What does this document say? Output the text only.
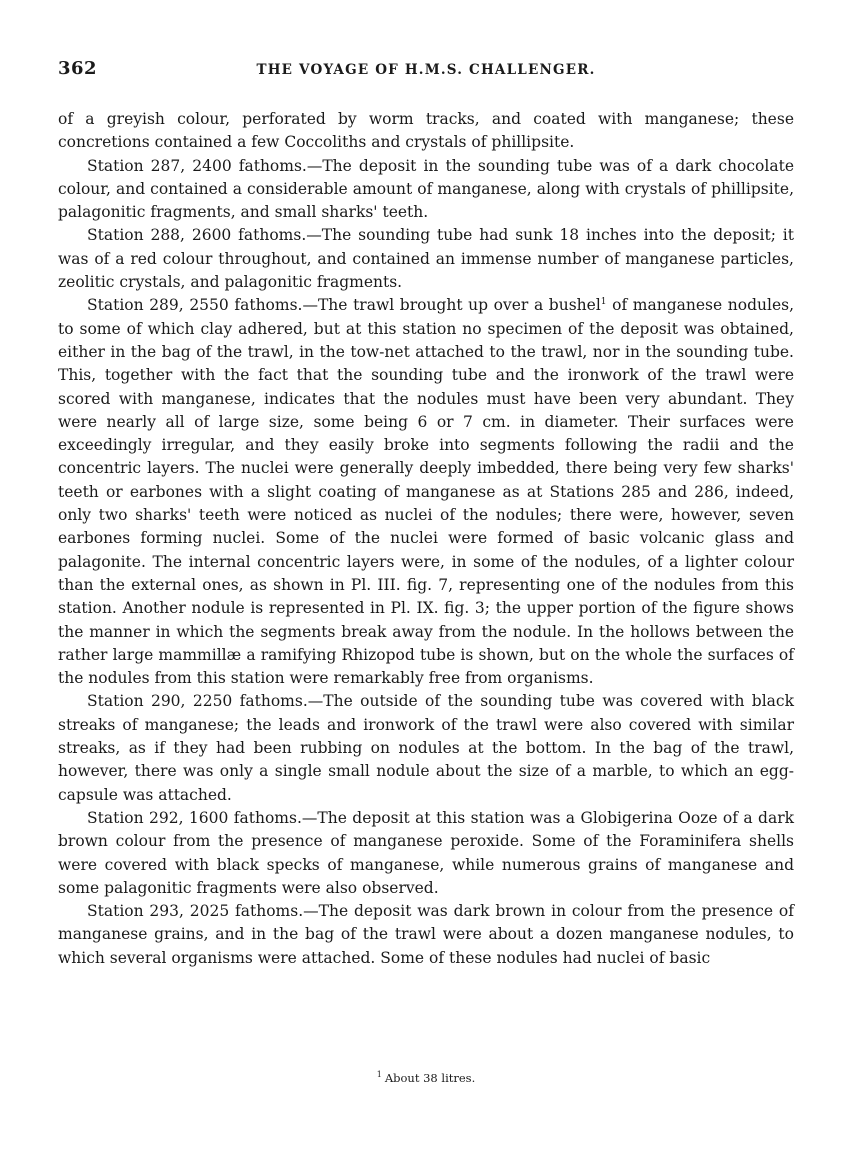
362	THE VOYAGE OF H.M.S. CHALLENGER.

of a greyish colour, perforated by worm tracks, and coated with manganese; these concretions contained a few Coccoliths and crystals of phillipsite.

Station 287, 2400 fathoms.—The deposit in the sounding tube was of a dark chocolate colour, and contained a considerable amount of manganese, along with crystals of phillipsite, palagonitic fragments, and small sharks' teeth.

Station 288, 2600 fathoms.—The sounding tube had sunk 18 inches into the deposit; it was of a red colour throughout, and contained an immense number of manganese particles, zeolitic crystals, and palagonitic fragments.

Station 289, 2550 fathoms.—The trawl brought up over a bushel$^1$ of manganese nodules, to some of which clay adhered, but at this station no specimen of the deposit was obtained, either in the bag of the trawl, in the tow-net attached to the trawl, nor in the sounding tube. This, together with the fact that the sounding tube and the ironwork of the trawl were scored with manganese, indicates that the nodules must have been very abundant. They were nearly all of large size, some being 6 or 7 cm. in diameter. Their surfaces were exceedingly irregular, and they easily broke into segments following the radii and the concentric layers. The nuclei were generally deeply imbedded, there being very few sharks' teeth or earbones with a slight coating of manganese as at Stations 285 and 286, indeed, only two sharks' teeth were noticed as nuclei of the nodules; there were, however, seven earbones forming nuclei. Some of the nuclei were formed of basic volcanic glass and palagonite. The internal concentric layers were, in some of the nodules, of a lighter colour than the external ones, as shown in Pl. III. fig. 7, representing one of the nodules from this station. Another nodule is represented in Pl. IX. fig. 3; the upper portion of the figure shows the manner in which the segments break away from the nodule. In the hollows between the rather large mammillæ a ramifying Rhizopod tube is shown, but on the whole the surfaces of the nodules from this station were remarkably free from organisms.

Station 290, 2250 fathoms.—The outside of the sounding tube was covered with black streaks of manganese; the leads and ironwork of the trawl were also covered with similar streaks, as if they had been rubbing on nodules at the bottom. In the bag of the trawl, however, there was only a single small nodule about the size of a marble, to which an egg-capsule was attached.

Station 292, 1600 fathoms.—The deposit at this station was a Globigerina Ooze of a dark brown colour from the presence of manganese peroxide. Some of the Foraminifera shells were covered with black specks of manganese, while numerous grains of manganese and some palagonitic fragments were also observed.

Station 293, 2025 fathoms.—The deposit was dark brown in colour from the presence of manganese grains, and in the bag of the trawl were about a dozen manganese nodules, to which several organisms were attached. Some of these nodules had nuclei of basic

$^1$ About 38 litres.
